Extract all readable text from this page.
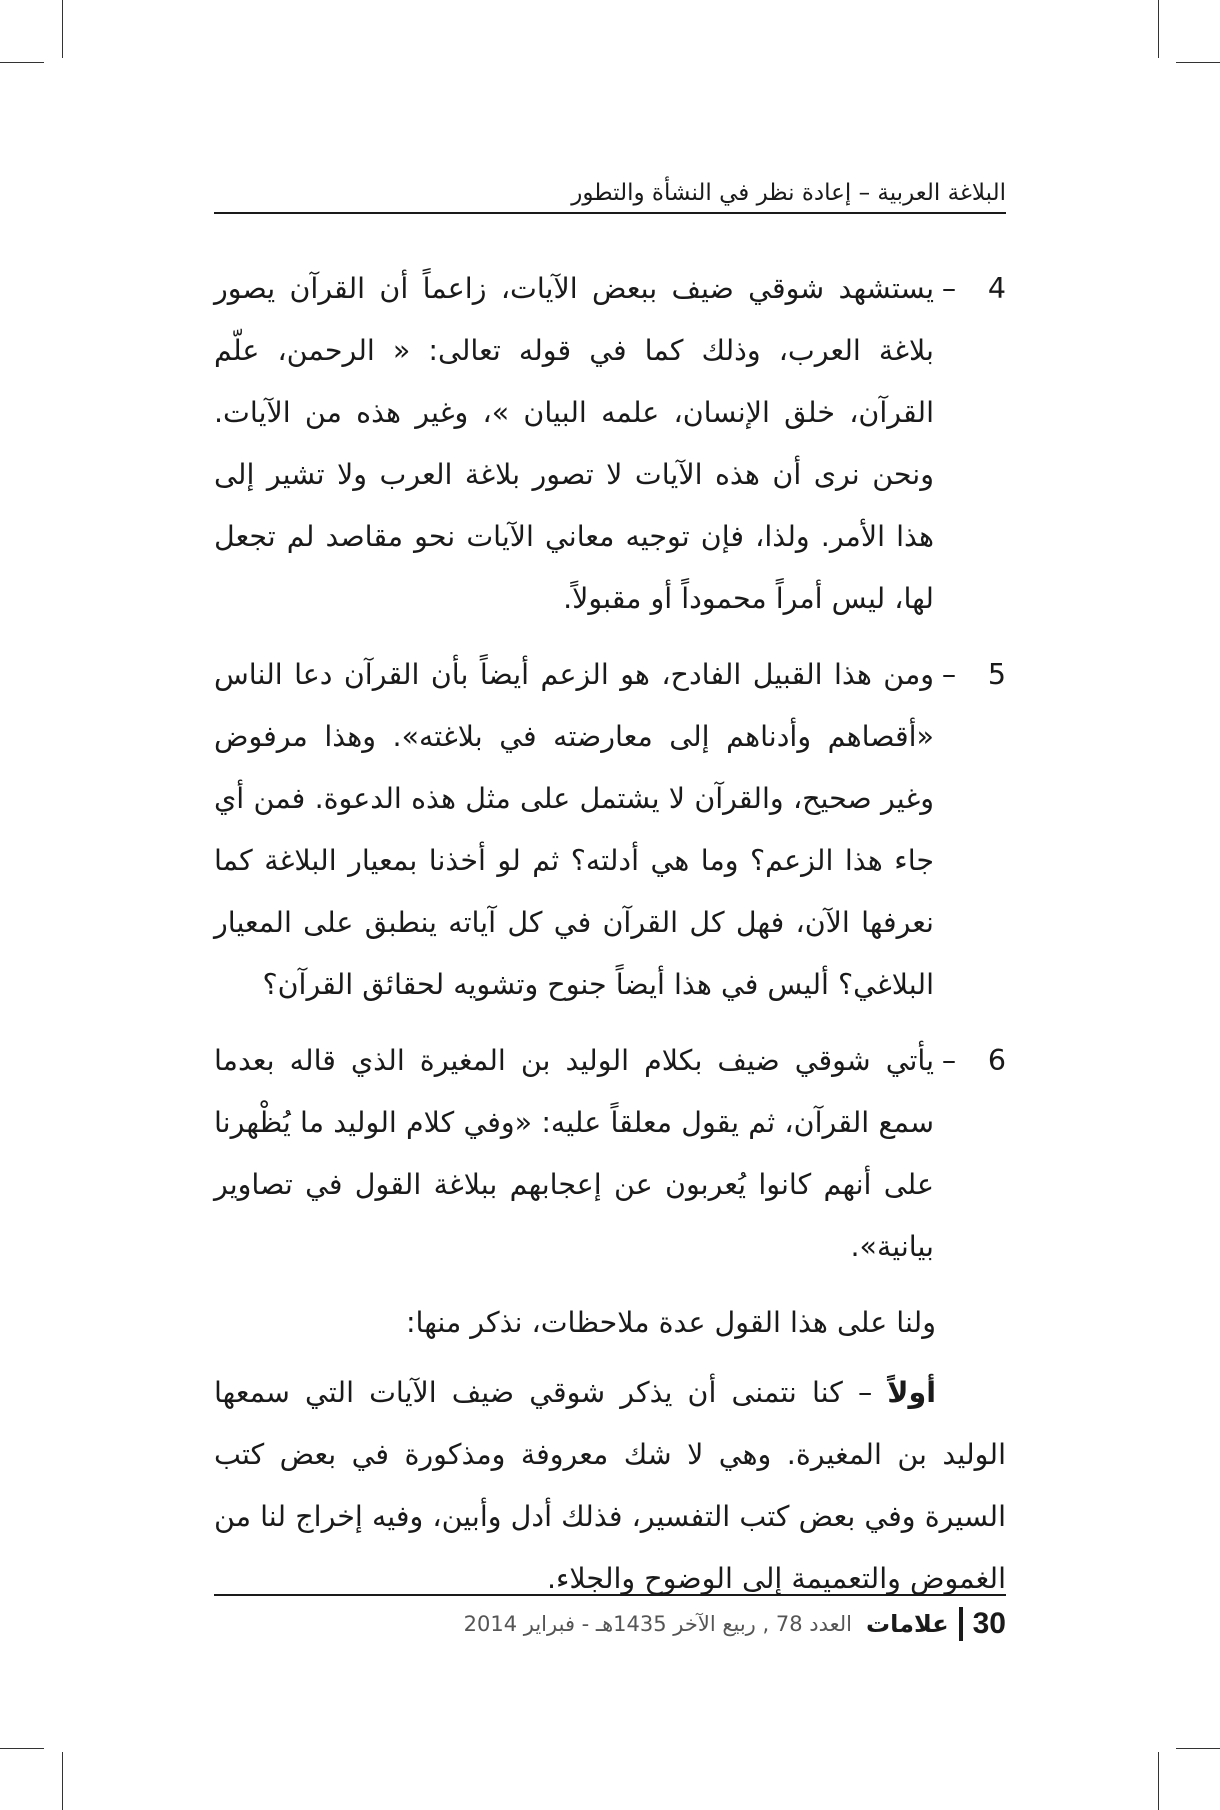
البلاغة العربية – إعادة نظر في النشأة والتطور
4
–
يستشهد شوقي ضيف ببعض الآيات، زاعماً أن القرآن يصور بلاغة العرب، وذلك كما في قوله تعالى: « الرحمن، علّم القرآن، خلق الإنسان، علمه البيان »، وغير هذه من الآيات. ونحن نرى أن هذه الآيات لا تصور بلاغة العرب ولا تشير إلى هذا الأمر. ولذا، فإن توجيه معاني الآيات نحو مقاصد لم تجعل لها، ليس أمراً محموداً أو مقبولاً.
5
–
ومن هذا القبيل الفادح، هو الزعم أيضاً بأن القرآن دعا الناس «أقصاهم وأدناهم إلى معارضته في بلاغته». وهذا مرفوض وغير صحيح، والقرآن لا يشتمل على مثل هذه الدعوة. فمن أي جاء هذا الزعم؟ وما هي أدلته؟ ثم لو أخذنا بمعيار البلاغة كما نعرفها الآن، فهل كل القرآن في كل آياته ينطبق على المعيار البلاغي؟ أليس في هذا أيضاً جنوح وتشويه لحقائق القرآن؟
6
–
يأتي شوقي ضيف بكلام الوليد بن المغيرة الذي قاله بعدما سمع القرآن، ثم يقول معلقاً عليه: «وفي كلام الوليد ما يُظْهرنا على أنهم كانوا يُعربون عن إعجابهم ببلاغة القول في تصاوير بيانية».

ولنا على هذا القول عدة ملاحظات، نذكر منها:

أولاً – كنا نتمنى أن يذكر شوقي ضيف الآيات التي سمعها الوليد بن المغيرة. وهي لا شك معروفة ومذكورة في بعض كتب السيرة وفي بعض كتب التفسير، فذلك أدل وأبين، وفيه إخراج لنا من الغموض والتعميمة إلى الوضوح والجلاء.

30
علامات
العدد 78 , ربيع الآخر 1435هـ - فبراير 2014
